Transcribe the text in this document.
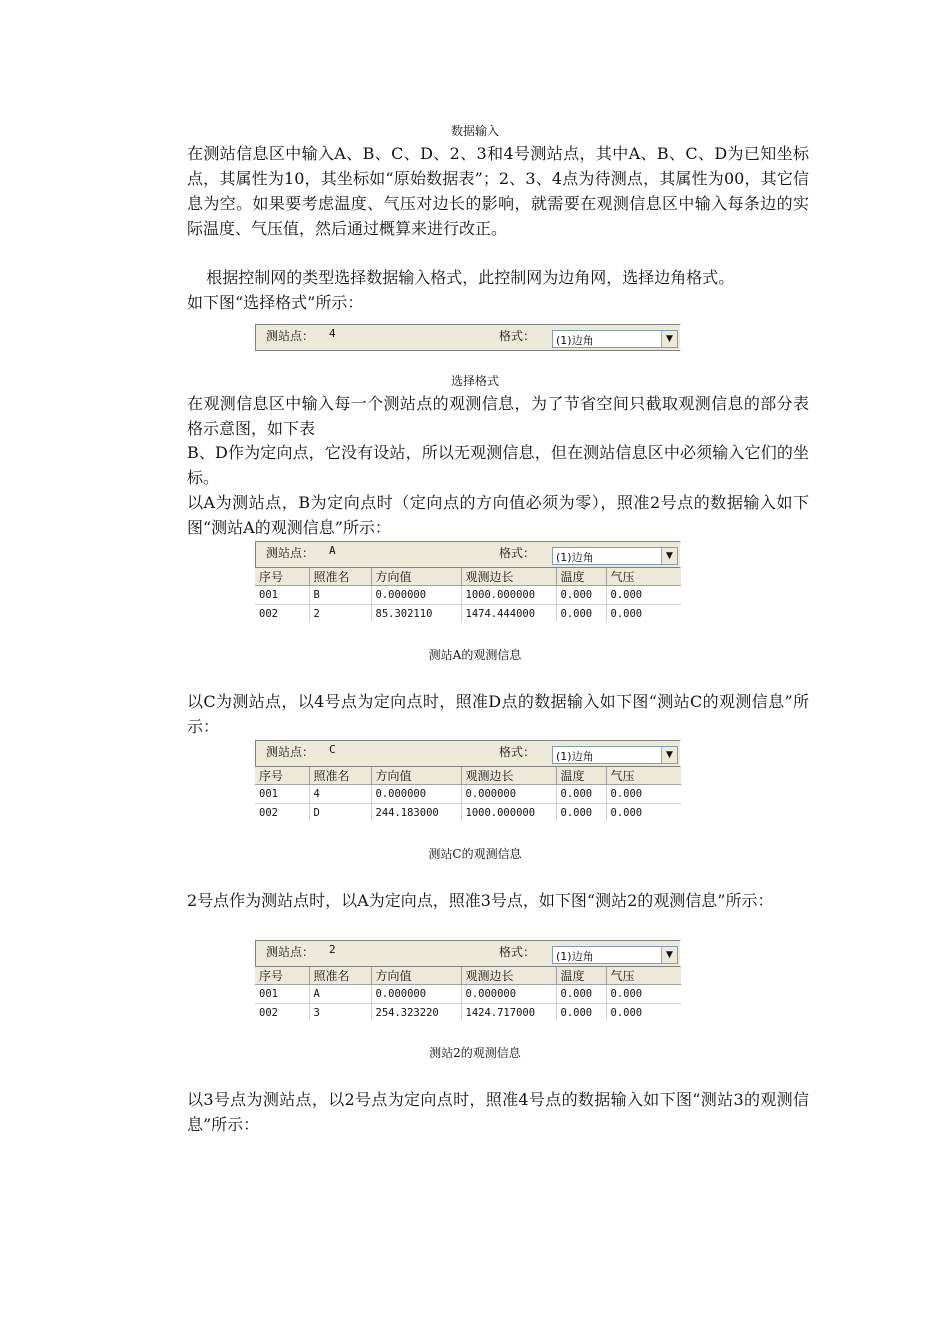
数据输入

在测站信息区中输入A、B、C、D、2、3和4号测站点，其中A、B、C、D为已知坐标点，其属性为10，其坐标如“原始数据表”；2、3、4点为待测点，其属性为00，其它信息为空。如果要考虑温度、气压对边长的影响，就需要在观测信息区中输入每条边的实际温度、气压值，然后通过概算来进行改正。

根据控制网的类型选择数据输入格式，此控制网为边角网，选择边角格式。

如下图“选择格式”所示：

测站点： 4	格式： (1)边角	▼
选择格式

在观测信息区中输入每一个测站点的观测信息，为了节省空间只截取观测信息的部分表格示意图，如下表

B、D作为定向点，它没有设站，所以无观测信息，但在测站信息区中必须输入它们的坐标。

以A为测站点，B为定向点时（定向点的方向值必须为零），照准2号点的数据输入如下图“测站A的观测信息”所示：

测站点： A	格式： (1)边角	▼
序号	照准名	方向值	观测边长	温度	气压
001	B	0.000000	1000.000000	0.000	0.000
002	2	85.302110	1474.444000	0.000	0.000
测站A的观测信息

以C为测站点，以4号点为定向点时，照准D点的数据输入如下图“测站C的观测信息”所示：

测站点： C	格式： (1)边角	▼
序号	照准名	方向值	观测边长	温度	气压
001	4	0.000000	0.000000	0.000	0.000
002	D	244.183000	1000.000000	0.000	0.000
测站C的观测信息

2号点作为测站点时，以A为定向点，照准3号点，如下图“测站2的观测信息”所示：

测站点： 2	格式： (1)边角	▼
序号	照准名	方向值	观测边长	温度	气压
001	A	0.000000	0.000000	0.000	0.000
002	3	254.323220	1424.717000	0.000	0.000
测站2的观测信息

以3号点为测站点，以2号点为定向点时，照准4号点的数据输入如下图“测站3的观测信息”所示：
